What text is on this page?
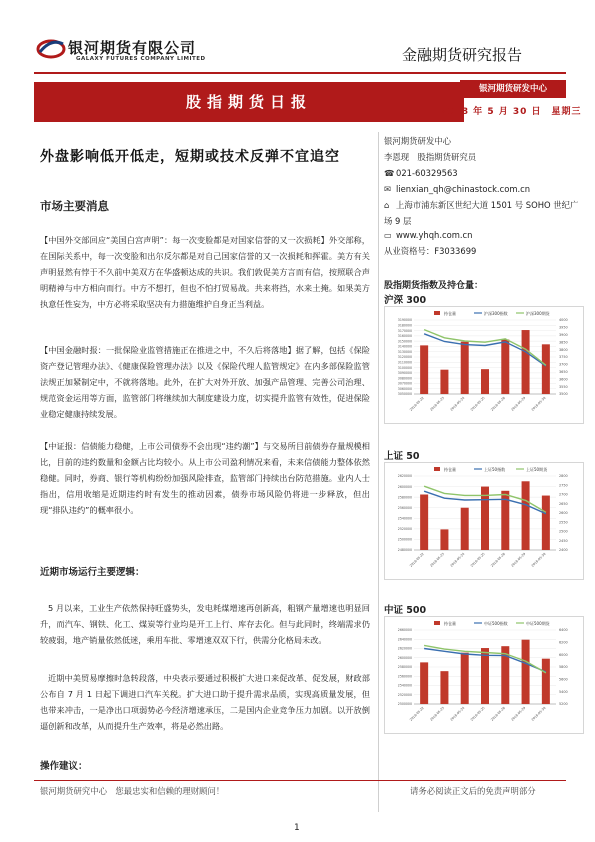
银河期货有限公司
GALAXY FUTURES COMPANY LIMITED	金融期货研究报告
股指期货日报
银河期货研发中心
2018 年 5 月 30 日　星期三
外盘影响低开低走，短期或技术反弹不宜追空
市场主要消息
【中国外交部回应“美国白宫声明”：每一次变脸都是对国家信誉的又一次损耗】外交部称，在国际关系中，每一次变脸和出尔反尔都是对自己国家信誉的又一次损耗和挥霍。美方有关声明显然有悖于不久前中美双方在华盛顿达成的共识。我们敦促美方言而有信，按照联合声明精神与中方相向而行。中方不想打，但也不怕打贸易战。共来将挡，水来土掩。如果美方执意任性妄为，中方必将采取坚决有力措施维护自身正当利益。
【中国金融时报：一批保险业监管措施正在推进之中，不久后将落地】据了解，包括《保险资产登记管理办法》、《健康保险管理办法》以及《保险代理人监管规定》在内多部保险监管法规正加紧制定中，不就将落地。此外，在扩大对外开放、加强产品管理、完善公司治理、规范资金运用等方面，监管部门将继续加大制度建设力度，切实提升监管有效性，促进保险业稳定健康持续发展。
【中证报：信债能力稳健，上市公司债券不会出现“违约潮”】与交易所目前债券存量规模相比，目前的违约数量和金额占比均较小。从上市公司盈利情况来看，未来信债能力整体依然稳健。同时，券商、银行等机构纷纷加强风险排查，监管部门持续出台防范措施。业内人士指出，信用收缩是近期违约时有发生的推动因素，债券市场风险仍将进一步释放，但出现“排队违约”的概率很小。
近期市场运行主要逻辑：
5 月以来，工业生产依然保持旺盛势头，发电耗煤增速再创新高，粗钢产量增速也明显回升，而汽车、钢铁、化工、煤炭等行业均是开工上行、库存去化。但与此同时，终端需求仍较疲弱，地产销量依然低迷，乘用车批、零增速双双下行，供需分化格局未改。
近期中美贸易摩擦时急转段落，中央表示要通过积极扩大进口来促改革、促发展，财政部公布自 7 月 1 日起下调进口汽车关税。扩大进口助于提升需求品质，实现高质量发展，但也带来冲击，一是净出口项弱势必今经济增速承压，二是国内企业竞争压力加剧。以开放倒逼创新和改革，从而提升生产效率，将是必然出路。
操作建议：
银河期货研发中心
李恩现　股指期货研究员
☎ 021-60329563
✉ lienxian_qh@chinastock.com.cn
⌂ 上海市浦东新区世纪大道 1501 号 SOHO 世纪广场 9 层
▭ www.yhqh.com.cn
从业资格号：F3033699
股指期货指数及持仓量：
沪深 300
持仓量	沪深300指数	沪深300期货
3190000
3180000
3170000
3160000
3150000
3140000
3130000
3120000
3110000
3100000
3090000
3080000
3070000
3060000
3050000
4000
3950
3900
3850
3800
3750
3700
3650
3600
3550
3500
2018-05-22 2018-05-23 2018-05-24 2018-05-25 2018-05-28 2018-05-29 2018-05-30
上证 50
持仓量	上证50指数	上证50期货
2620000
2600000
2580000
2560000
2540000
2520000
2500000
2480000
2800
2750
2700
2650
2600
2550
2500
2450
2400
2018-05-22 2018-05-23 2018-05-24 2018-05-25 2018-05-28 2018-05-29 2018-05-30
中证 500
持仓量	中证500指数	中证500期货
2660000
2640000
2620000
2600000
2580000
2560000
2540000
2520000
2500000
6400
6200
6000
5800
5600
5400
5200
2018-05-22 2018-05-23 2018-05-24 2018-05-25 2018-05-28 2018-05-29 2018-05-30
银河期货研究中心　您最忠实和信赖的理财顾问！	请务必阅读正文后的免责声明部分
1
